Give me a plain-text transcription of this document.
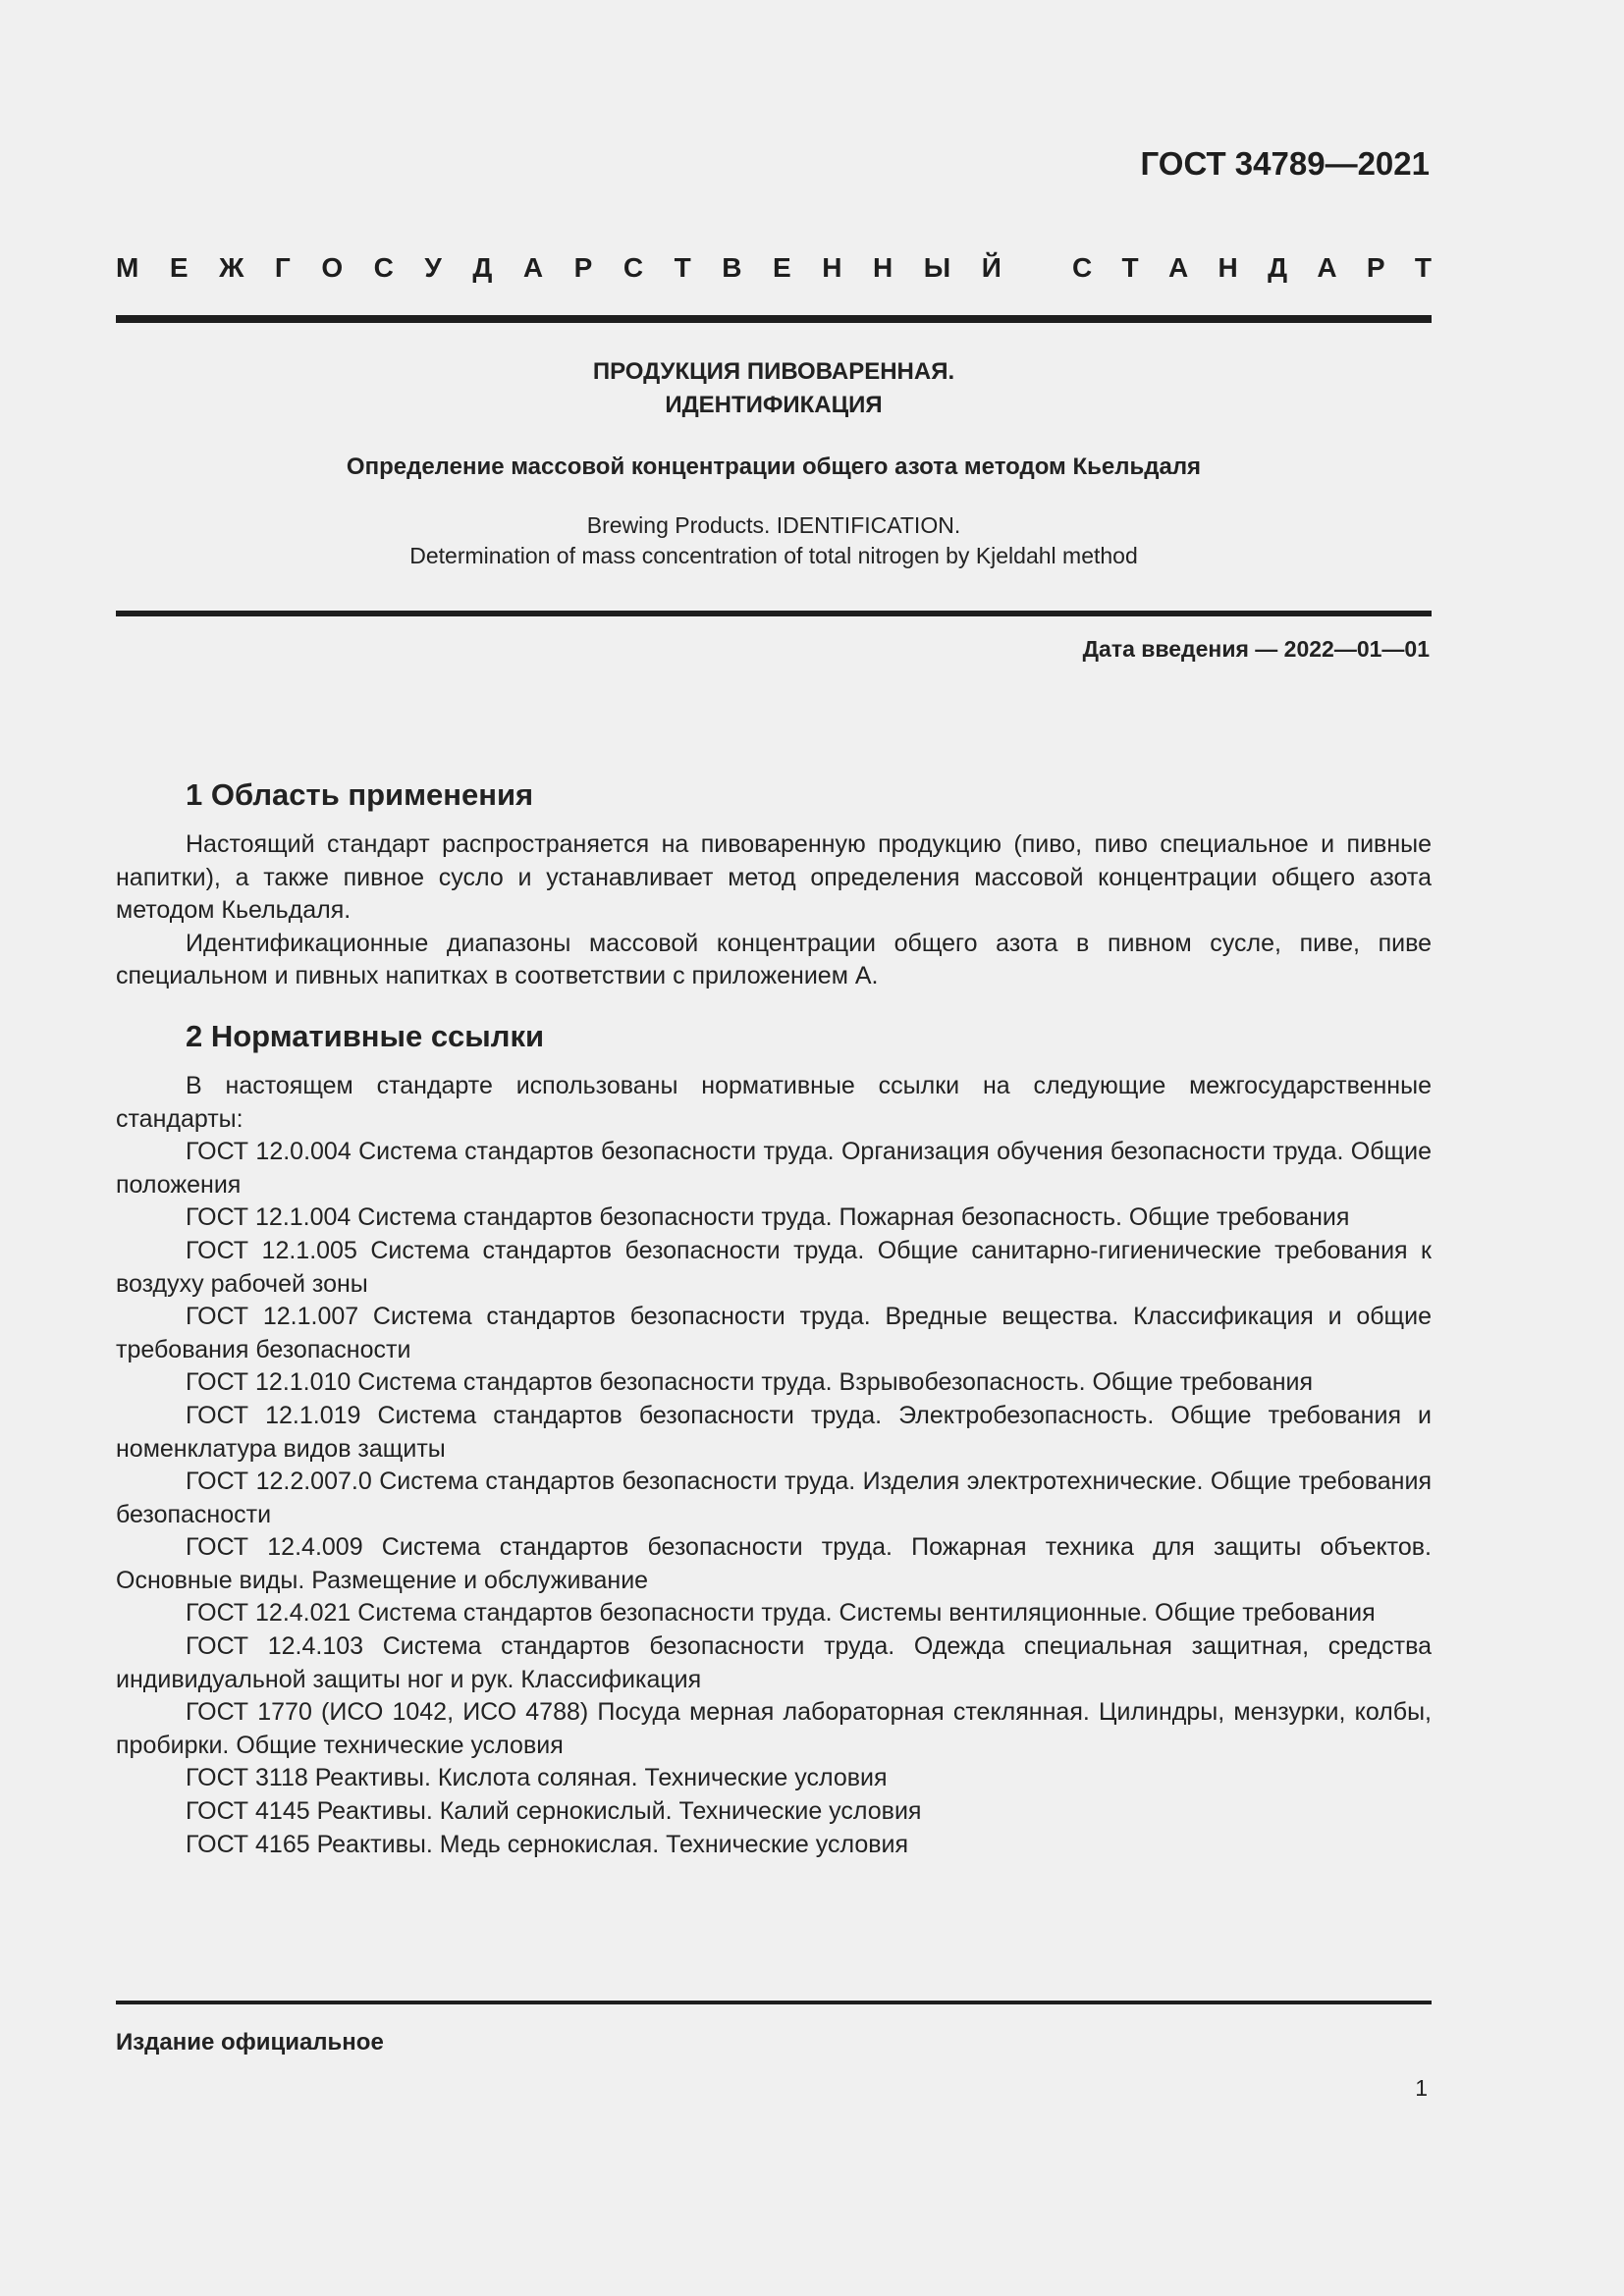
ГОСТ 34789—2021
М Е Ж Г О С У Д А Р С Т В Е Н Н Ы Й	С Т А Н Д А Р Т
ПРОДУКЦИЯ ПИВОВАРЕННАЯ.
ИДЕНТИФИКАЦИЯ
Определение массовой концентрации общего азота методом Кьельдаля
Brewing Products. IDENTIFICATION.
Determination of mass concentration of total nitrogen by Kjeldahl method
Дата введения — 2022—01—01
1 Область применения

Настоящий стандарт распространяется на пивоваренную продукцию (пиво, пиво специальное и пивные напитки), а также пивное сусло и устанавливает метод определения массовой концентрации общего азота методом Кьельдаля.

Идентификационные диапазоны массовой концентрации общего азота в пивном сусле, пиве, пиве специальном и пивных напитках в соответствии с приложением А.

2 Нормативные ссылки

В настоящем стандарте использованы нормативные ссылки на следующие межгосударственные стандарты:

ГОСТ 12.0.004 Система стандартов безопасности труда. Организация обучения безопасности труда. Общие положения

ГОСТ 12.1.004 Система стандартов безопасности труда. Пожарная безопасность. Общие требования

ГОСТ 12.1.005 Система стандартов безопасности труда. Общие санитарно-гигиенические требования к воздуху рабочей зоны

ГОСТ 12.1.007 Система стандартов безопасности труда. Вредные вещества. Классификация и общие требования безопасности

ГОСТ 12.1.010 Система стандартов безопасности труда. Взрывобезопасность. Общие требования

ГОСТ 12.1.019 Система стандартов безопасности труда. Электробезопасность. Общие требования и номенклатура видов защиты

ГОСТ 12.2.007.0 Система стандартов безопасности труда. Изделия электротехнические. Общие требования безопасности

ГОСТ 12.4.009 Система стандартов безопасности труда. Пожарная техника для защиты объектов. Основные виды. Размещение и обслуживание

ГОСТ 12.4.021 Система стандартов безопасности труда. Системы вентиляционные. Общие требования

ГОСТ 12.4.103 Система стандартов безопасности труда. Одежда специальная защитная, средства индивидуальной защиты ног и рук. Классификация

ГОСТ 1770 (ИСО 1042, ИСО 4788) Посуда мерная лабораторная стеклянная. Цилиндры, мензурки, колбы, пробирки. Общие технические условия

ГОСТ 3118 Реактивы. Кислота соляная. Технические условия

ГОСТ 4145 Реактивы. Калий сернокислый. Технические условия

ГОСТ 4165 Реактивы. Медь сернокислая. Технические условия

Издание официальное
1
